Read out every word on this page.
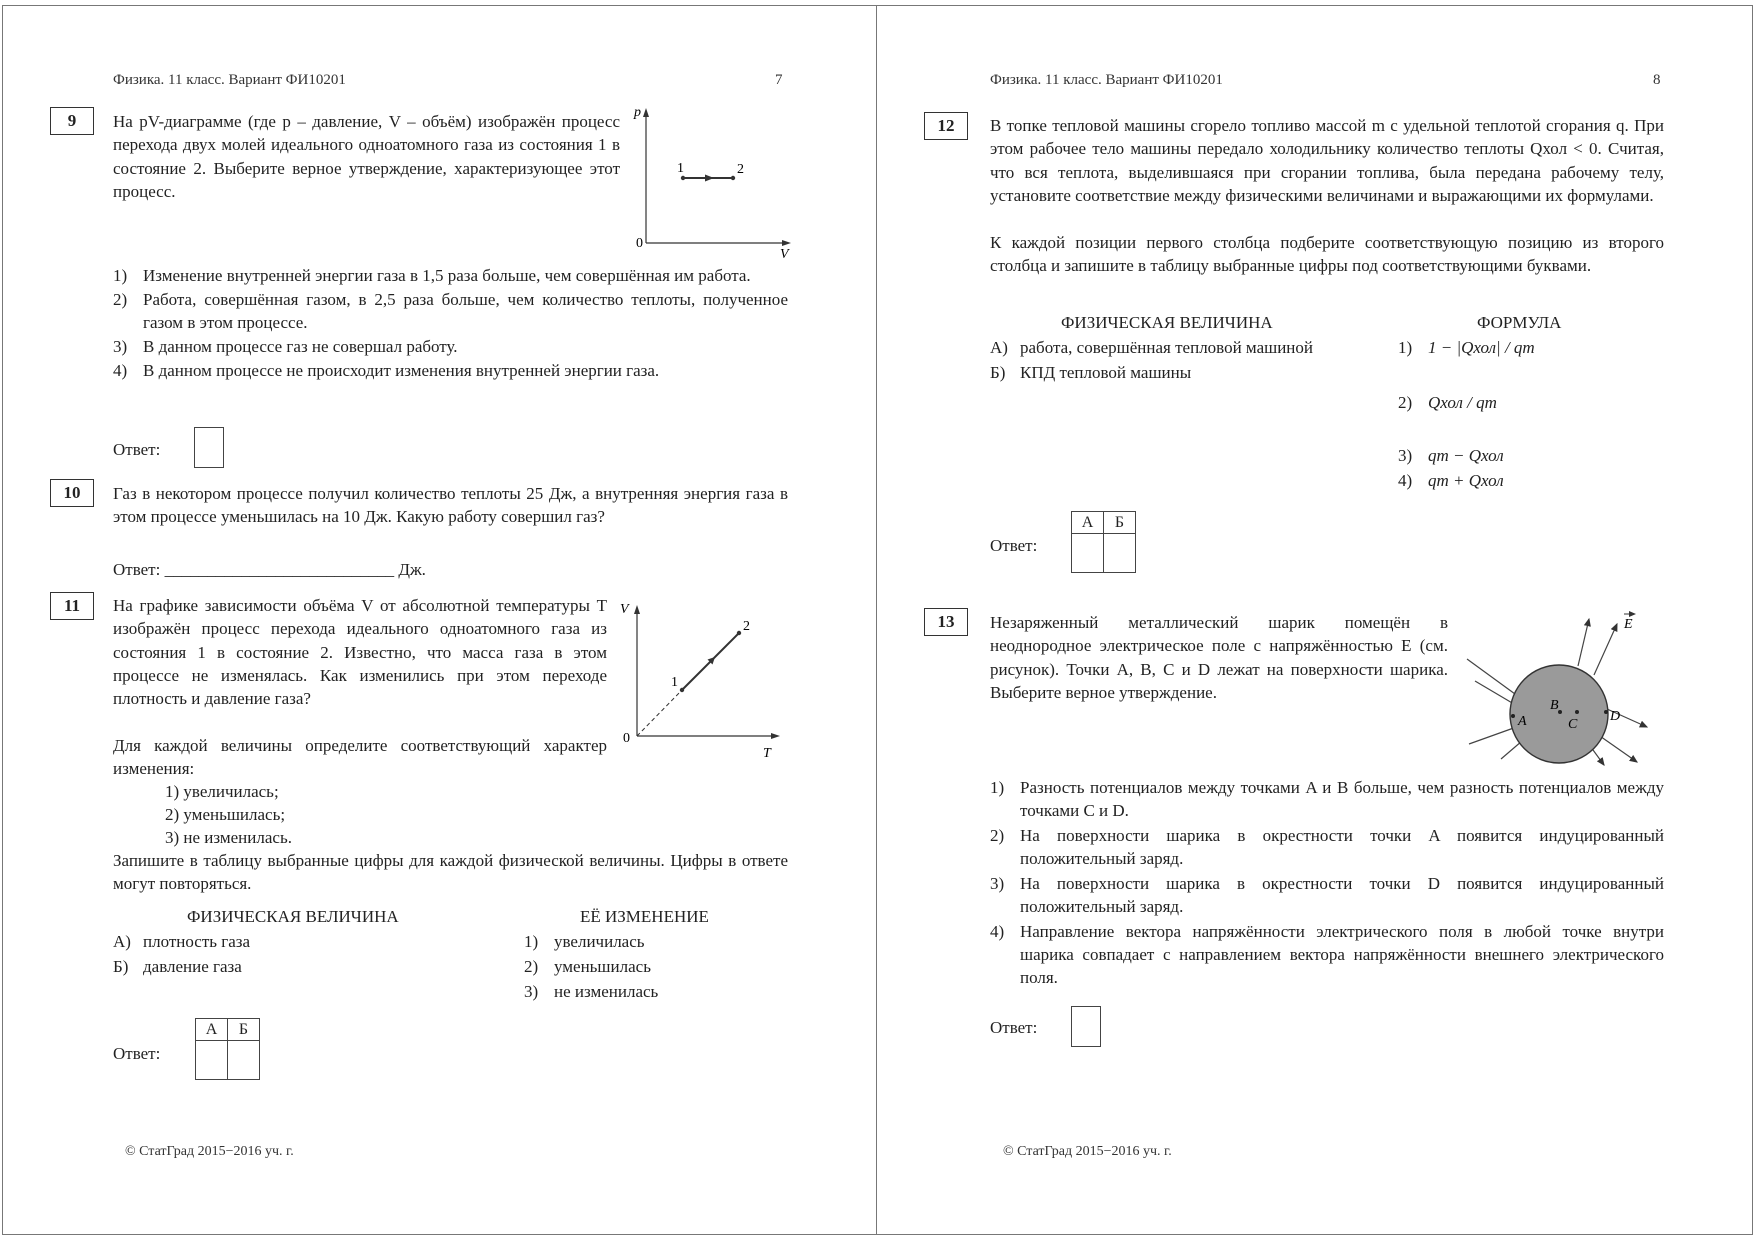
Физика. 11 класс. Вариант ФИ10201	7
9	На pV-диаграмме (где p – давление, V – объём) изображён процесс перехода двух молей идеального одноатомного газа из состояния 1 в состояние 2. Выберите верное утверждение, характеризующее этот процесс.
p
V
0
1	2
1) Изменение внутренней энергии газа в 1,5 раза больше, чем совершённая им работа.
2) Работа, совершённая газом, в 2,5 раза больше, чем количество теплоты, полученное газом в этом процессе.
3) В данном процессе газ не совершал работу.
4) В данном процессе не происходит изменения внутренней энергии газа.
Ответ:
10	Газ в некотором процессе получил количество теплоты 25 Дж, а внутренняя энергия газа в этом процессе уменьшилась на 10 Дж. Какую работу совершил газ?
Ответ: ___________________________ Дж.
11	На графике зависимости объёма V от абсолютной температуры T изображён процесс перехода идеального одноатомного газа из состояния 1 в состояние 2. Известно, что масса газа в этом процессе не изменялась. Как изменились при этом переходе плотность и давление газа?
Для каждой величины определите соответствующий характер изменения:
V
T
0
1
2
1) увеличилась;
2) уменьшилась;
3) не изменилась.
Запишите в таблицу выбранные цифры для каждой физической величины. Цифры в ответе могут повторяться.
ФИЗИЧЕСКАЯ ВЕЛИЧИНА	ЕЁ ИЗМЕНЕНИЕ
А) плотность газа
Б) давление газа
1) увеличилась
2) уменьшилась
3) не изменилась
Ответ:
А	Б

© СтатГрад 2015−2016 уч. г.
Физика. 11 класс. Вариант ФИ10201	8
12	В топке тепловой машины сгорело топливо массой m с удельной теплотой сгорания q. При этом рабочее тело машины передало холодильнику количество теплоты Qхол < 0. Считая, что вся теплота, выделившаяся при сгорании топлива, была передана рабочему телу, установите соответствие между физическими величинами и выражающими их формулами.
К каждой позиции первого столбца подберите соответствующую позицию из второго столбца и запишите в таблицу выбранные цифры под соответствующими буквами.
ФИЗИЧЕСКАЯ ВЕЛИЧИНА	ФОРМУЛА
А) работа, совершённая тепловой машиной
Б) КПД тепловой машины
1) 1 − |Qхол| / qm
2) Qхол / qm
3) qm − Qхол
4) qm + Qхол
Ответ:
А	Б

13	Незаряженный металлический шарик помещён в неоднородное электрическое поле с напряжённостью E (см. рисунок). Точки A, B, C и D лежат на поверхности шарика. Выберите верное утверждение.
A
B
C
D
E
1) Разность потенциалов между точками A и B больше, чем разность потенциалов между точками C и D.
2) На поверхности шарика в окрестности точки A появится индуцированный положительный заряд.
3) На поверхности шарика в окрестности точки D появится индуцированный положительный заряд.
4) Направление вектора напряжённости электрического поля в любой точке внутри шарика совпадает с направлением вектора напряжённости внешнего электрического поля.
Ответ:
© СтатГрад 2015−2016 уч. г.
